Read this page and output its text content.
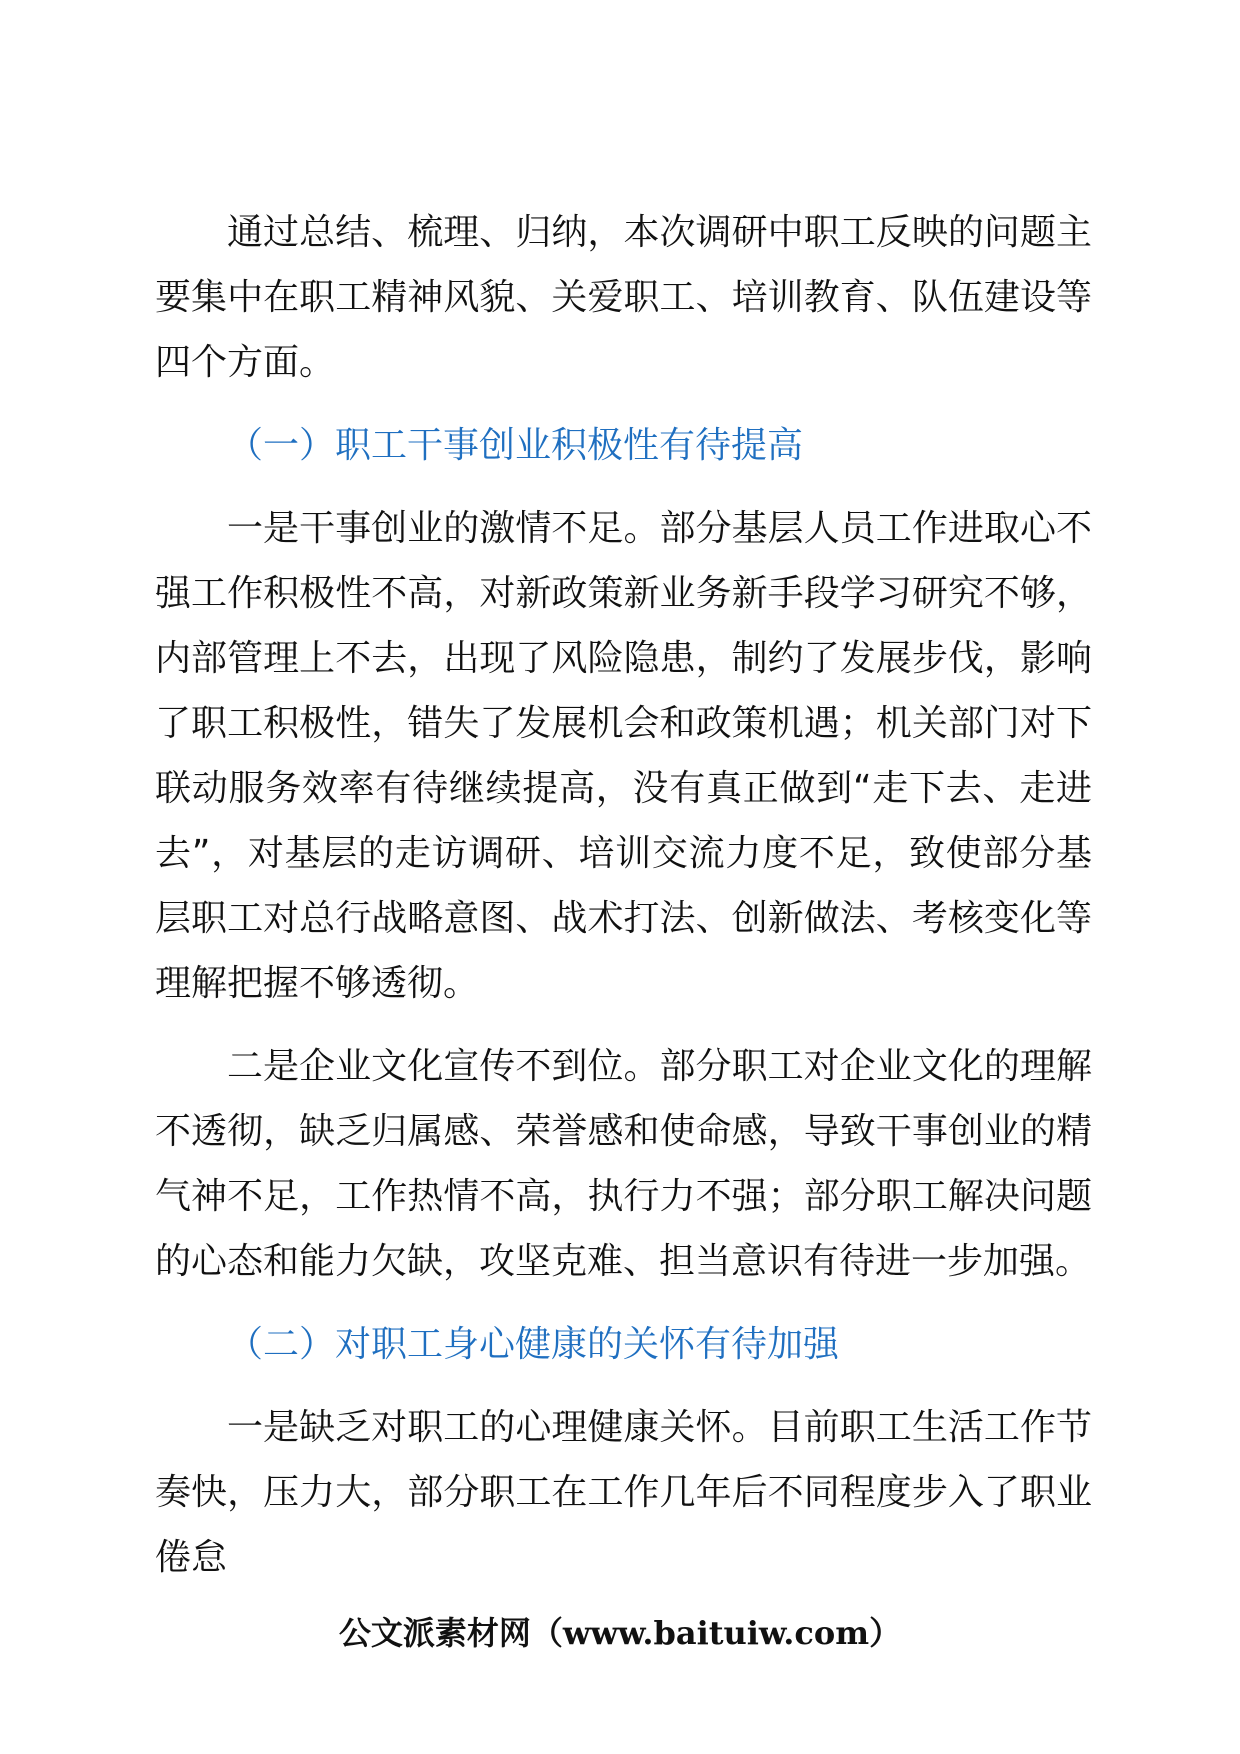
通过总结、梳理、归纳，本次调研中职工反映的问题主要集中在职工精神风貌、关爱职工、培训教育、队伍建设等四个方面。

（一）职工干事创业积极性有待提高

一是干事创业的激情不足。部分基层人员工作进取心不强工作积极性不高，对新政策新业务新手段学习研究不够，内部管理上不去，出现了风险隐患，制约了发展步伐，影响了职工积极性，错失了发展机会和政策机遇；机关部门对下联动服务效率有待继续提高，没有真正做到“走下去、走进去”，对基层的走访调研、培训交流力度不足，致使部分基层职工对总行战略意图、战术打法、创新做法、考核变化等理解把握不够透彻。

二是企业文化宣传不到位。部分职工对企业文化的理解不透彻，缺乏归属感、荣誉感和使命感，导致干事创业的精气神不足，工作热情不高，执行力不强；部分职工解决问题的心态和能力欠缺，攻坚克难、担当意识有待进一步加强。

（二）对职工身心健康的关怀有待加强

一是缺乏对职工的心理健康关怀。目前职工生活工作节奏快，压力大，部分职工在工作几年后不同程度步入了职业倦怠

公文派素材网（www.baituiw.com）
